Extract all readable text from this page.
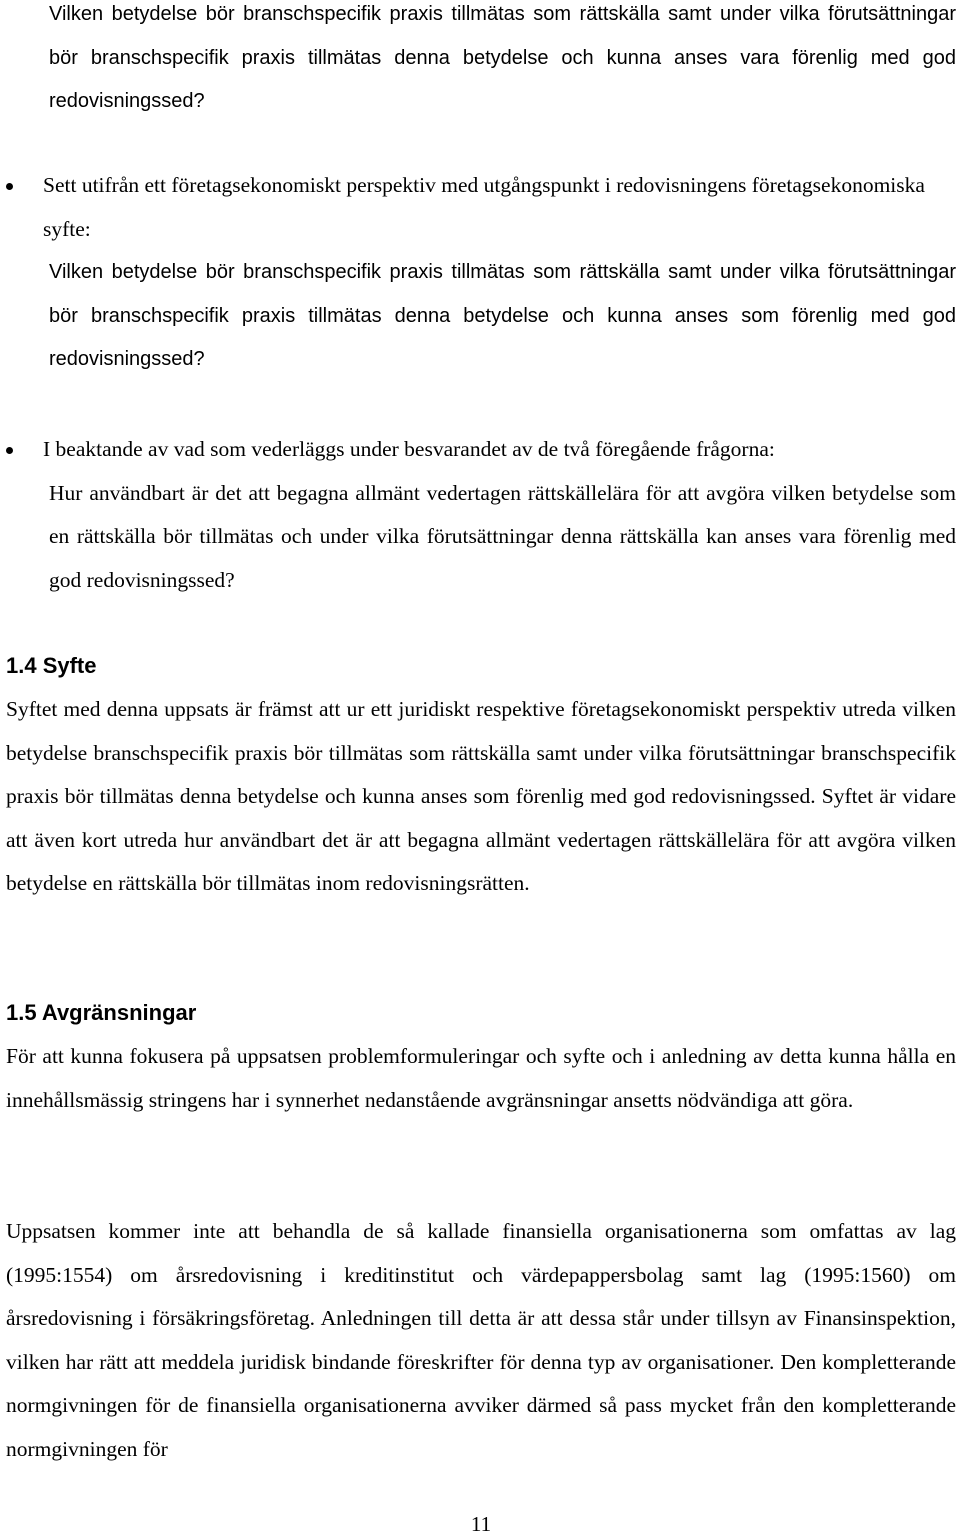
Vilken betydelse bör branschspecifik praxis tillmätas som rättskälla samt under vilka förutsättningar bör branschspecifik praxis tillmätas denna betydelse och kunna anses vara förenlig med god redovisningssed?

Sett utifrån ett företagsekonomiskt perspektiv med utgångspunkt i redovisningens företagsekonomiska syfte:
Vilken betydelse bör branschspecifik praxis tillmätas som rättskälla samt under vilka förutsättningar bör branschspecifik praxis tillmätas denna betydelse och kunna anses som förenlig med god redovisningssed?
I beaktande av vad som vederläggs under besvarandet av de två föregående frågorna:
Hur användbart är det att begagna allmänt vedertagen rättskällelära för att avgöra vilken betydelse som en rättskälla bör tillmätas och under vilka förutsättningar denna rättskälla kan anses vara förenlig med god redovisningssed?
1.4 Syfte

Syftet med denna uppsats är främst att ur ett juridiskt respektive företagsekonomiskt perspektiv utreda vilken betydelse branschspecifik praxis bör tillmätas som rättskälla samt under vilka förutsättningar branschspecifik praxis bör tillmätas denna betydelse och kunna anses som förenlig med god redovisningssed. Syftet är vidare att även kort utreda hur användbart det är att begagna allmänt vedertagen rättskällelära för att avgöra vilken betydelse en rättskälla bör tillmätas inom redovisningsrätten.

1.5 Avgränsningar

För att kunna fokusera på uppsatsen problemformuleringar och syfte och i anledning av detta kunna hålla en innehållsmässig stringens har i synnerhet nedanstående avgränsningar ansetts nödvändiga att göra.

Uppsatsen kommer inte att behandla de så kallade finansiella organisationerna som omfattas av lag (1995:1554) om årsredovisning i kreditinstitut och värdepappersbolag samt lag (1995:1560) om årsredovisning i försäkringsföretag. Anledningen till detta är att dessa står under tillsyn av Finansinspektion, vilken har rätt att meddela juridisk bindande föreskrifter för denna typ av organisationer. Den kompletterande normgivningen för de finansiella organisationerna avviker därmed så pass mycket från den kompletterande normgivningen för

11
